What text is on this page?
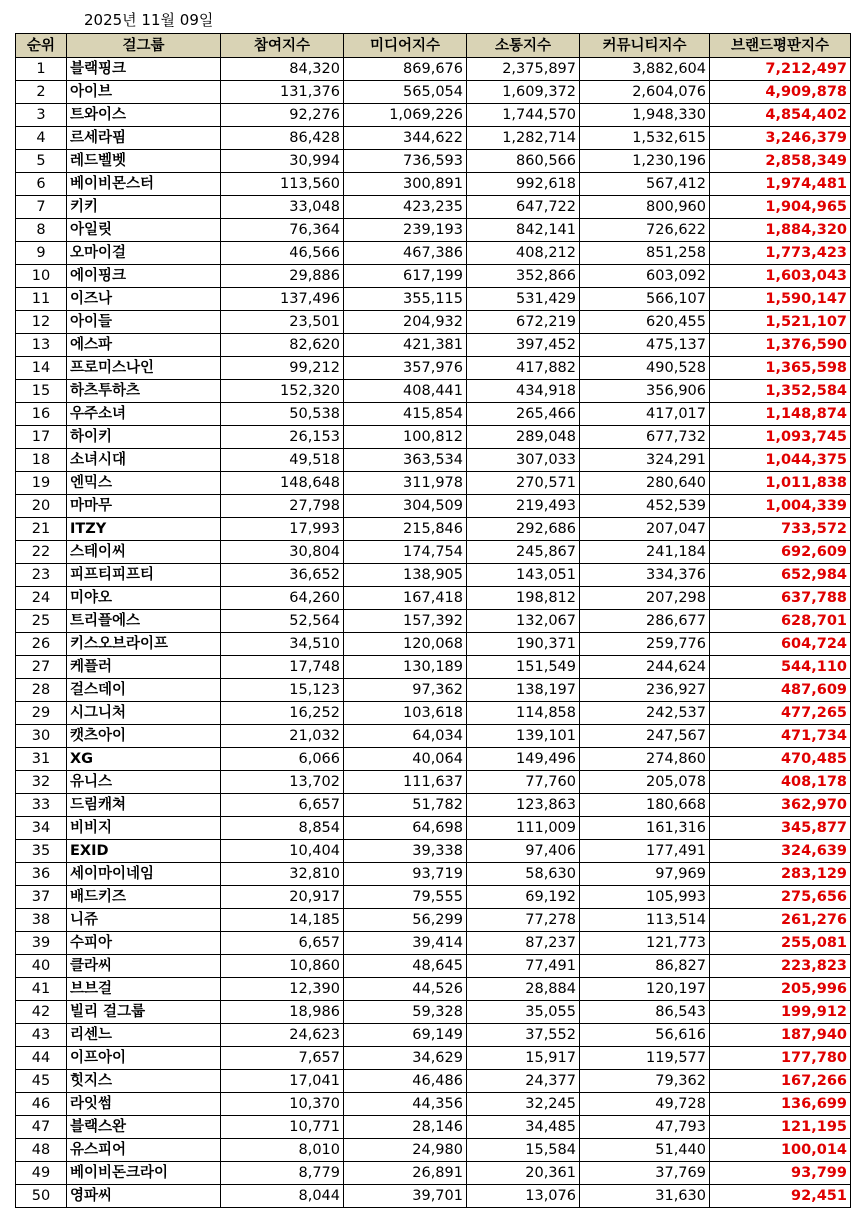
2025년 11월 09일
순위	걸그룹	참여지수	미디어지수	소통지수	커뮤니티지수	브랜드평판지수
1	블랙핑크	84,320	869,676	2,375,897	3,882,604	7,212,497
2	아이브	131,376	565,054	1,609,372	2,604,076	4,909,878
3	트와이스	92,276	1,069,226	1,744,570	1,948,330	4,854,402
4	르세라핌	86,428	344,622	1,282,714	1,532,615	3,246,379
5	레드벨벳	30,994	736,593	860,566	1,230,196	2,858,349
6	베이비몬스터	113,560	300,891	992,618	567,412	1,974,481
7	키키	33,048	423,235	647,722	800,960	1,904,965
8	아일릿	76,364	239,193	842,141	726,622	1,884,320
9	오마이걸	46,566	467,386	408,212	851,258	1,773,423
10	에이핑크	29,886	617,199	352,866	603,092	1,603,043
11	이즈나	137,496	355,115	531,429	566,107	1,590,147
12	아이들	23,501	204,932	672,219	620,455	1,521,107
13	에스파	82,620	421,381	397,452	475,137	1,376,590
14	프로미스나인	99,212	357,976	417,882	490,528	1,365,598
15	하츠투하츠	152,320	408,441	434,918	356,906	1,352,584
16	우주소녀	50,538	415,854	265,466	417,017	1,148,874
17	하이키	26,153	100,812	289,048	677,732	1,093,745
18	소녀시대	49,518	363,534	307,033	324,291	1,044,375
19	엔믹스	148,648	311,978	270,571	280,640	1,011,838
20	마마무	27,798	304,509	219,493	452,539	1,004,339
21	ITZY	17,993	215,846	292,686	207,047	733,572
22	스테이씨	30,804	174,754	245,867	241,184	692,609
23	피프티피프티	36,652	138,905	143,051	334,376	652,984
24	미야오	64,260	167,418	198,812	207,298	637,788
25	트리플에스	52,564	157,392	132,067	286,677	628,701
26	키스오브라이프	34,510	120,068	190,371	259,776	604,724
27	케플러	17,748	130,189	151,549	244,624	544,110
28	걸스데이	15,123	97,362	138,197	236,927	487,609
29	시그니처	16,252	103,618	114,858	242,537	477,265
30	캣츠아이	21,032	64,034	139,101	247,567	471,734
31	XG	6,066	40,064	149,496	274,860	470,485
32	유니스	13,702	111,637	77,760	205,078	408,178
33	드림캐쳐	6,657	51,782	123,863	180,668	362,970
34	비비지	8,854	64,698	111,009	161,316	345,877
35	EXID	10,404	39,338	97,406	177,491	324,639
36	세이마이네임	32,810	93,719	58,630	97,969	283,129
37	배드키즈	20,917	79,555	69,192	105,993	275,656
38	니쥬	14,185	56,299	77,278	113,514	261,276
39	수피아	6,657	39,414	87,237	121,773	255,081
40	클라씨	10,860	48,645	77,491	86,827	223,823
41	브브걸	12,390	44,526	28,884	120,197	205,996
42	빌리 걸그룹	18,986	59,328	35,055	86,543	199,912
43	리센느	24,623	69,149	37,552	56,616	187,940
44	이프아이	7,657	34,629	15,917	119,577	177,780
45	힛지스	17,041	46,486	24,377	79,362	167,266
46	라잇썸	10,370	44,356	32,245	49,728	136,699
47	블랙스완	10,771	28,146	34,485	47,793	121,195
48	유스피어	8,010	24,980	15,584	51,440	100,014
49	베이비돈크라이	8,779	26,891	20,361	37,769	93,799
50	영파씨	8,044	39,701	13,076	31,630	92,451
